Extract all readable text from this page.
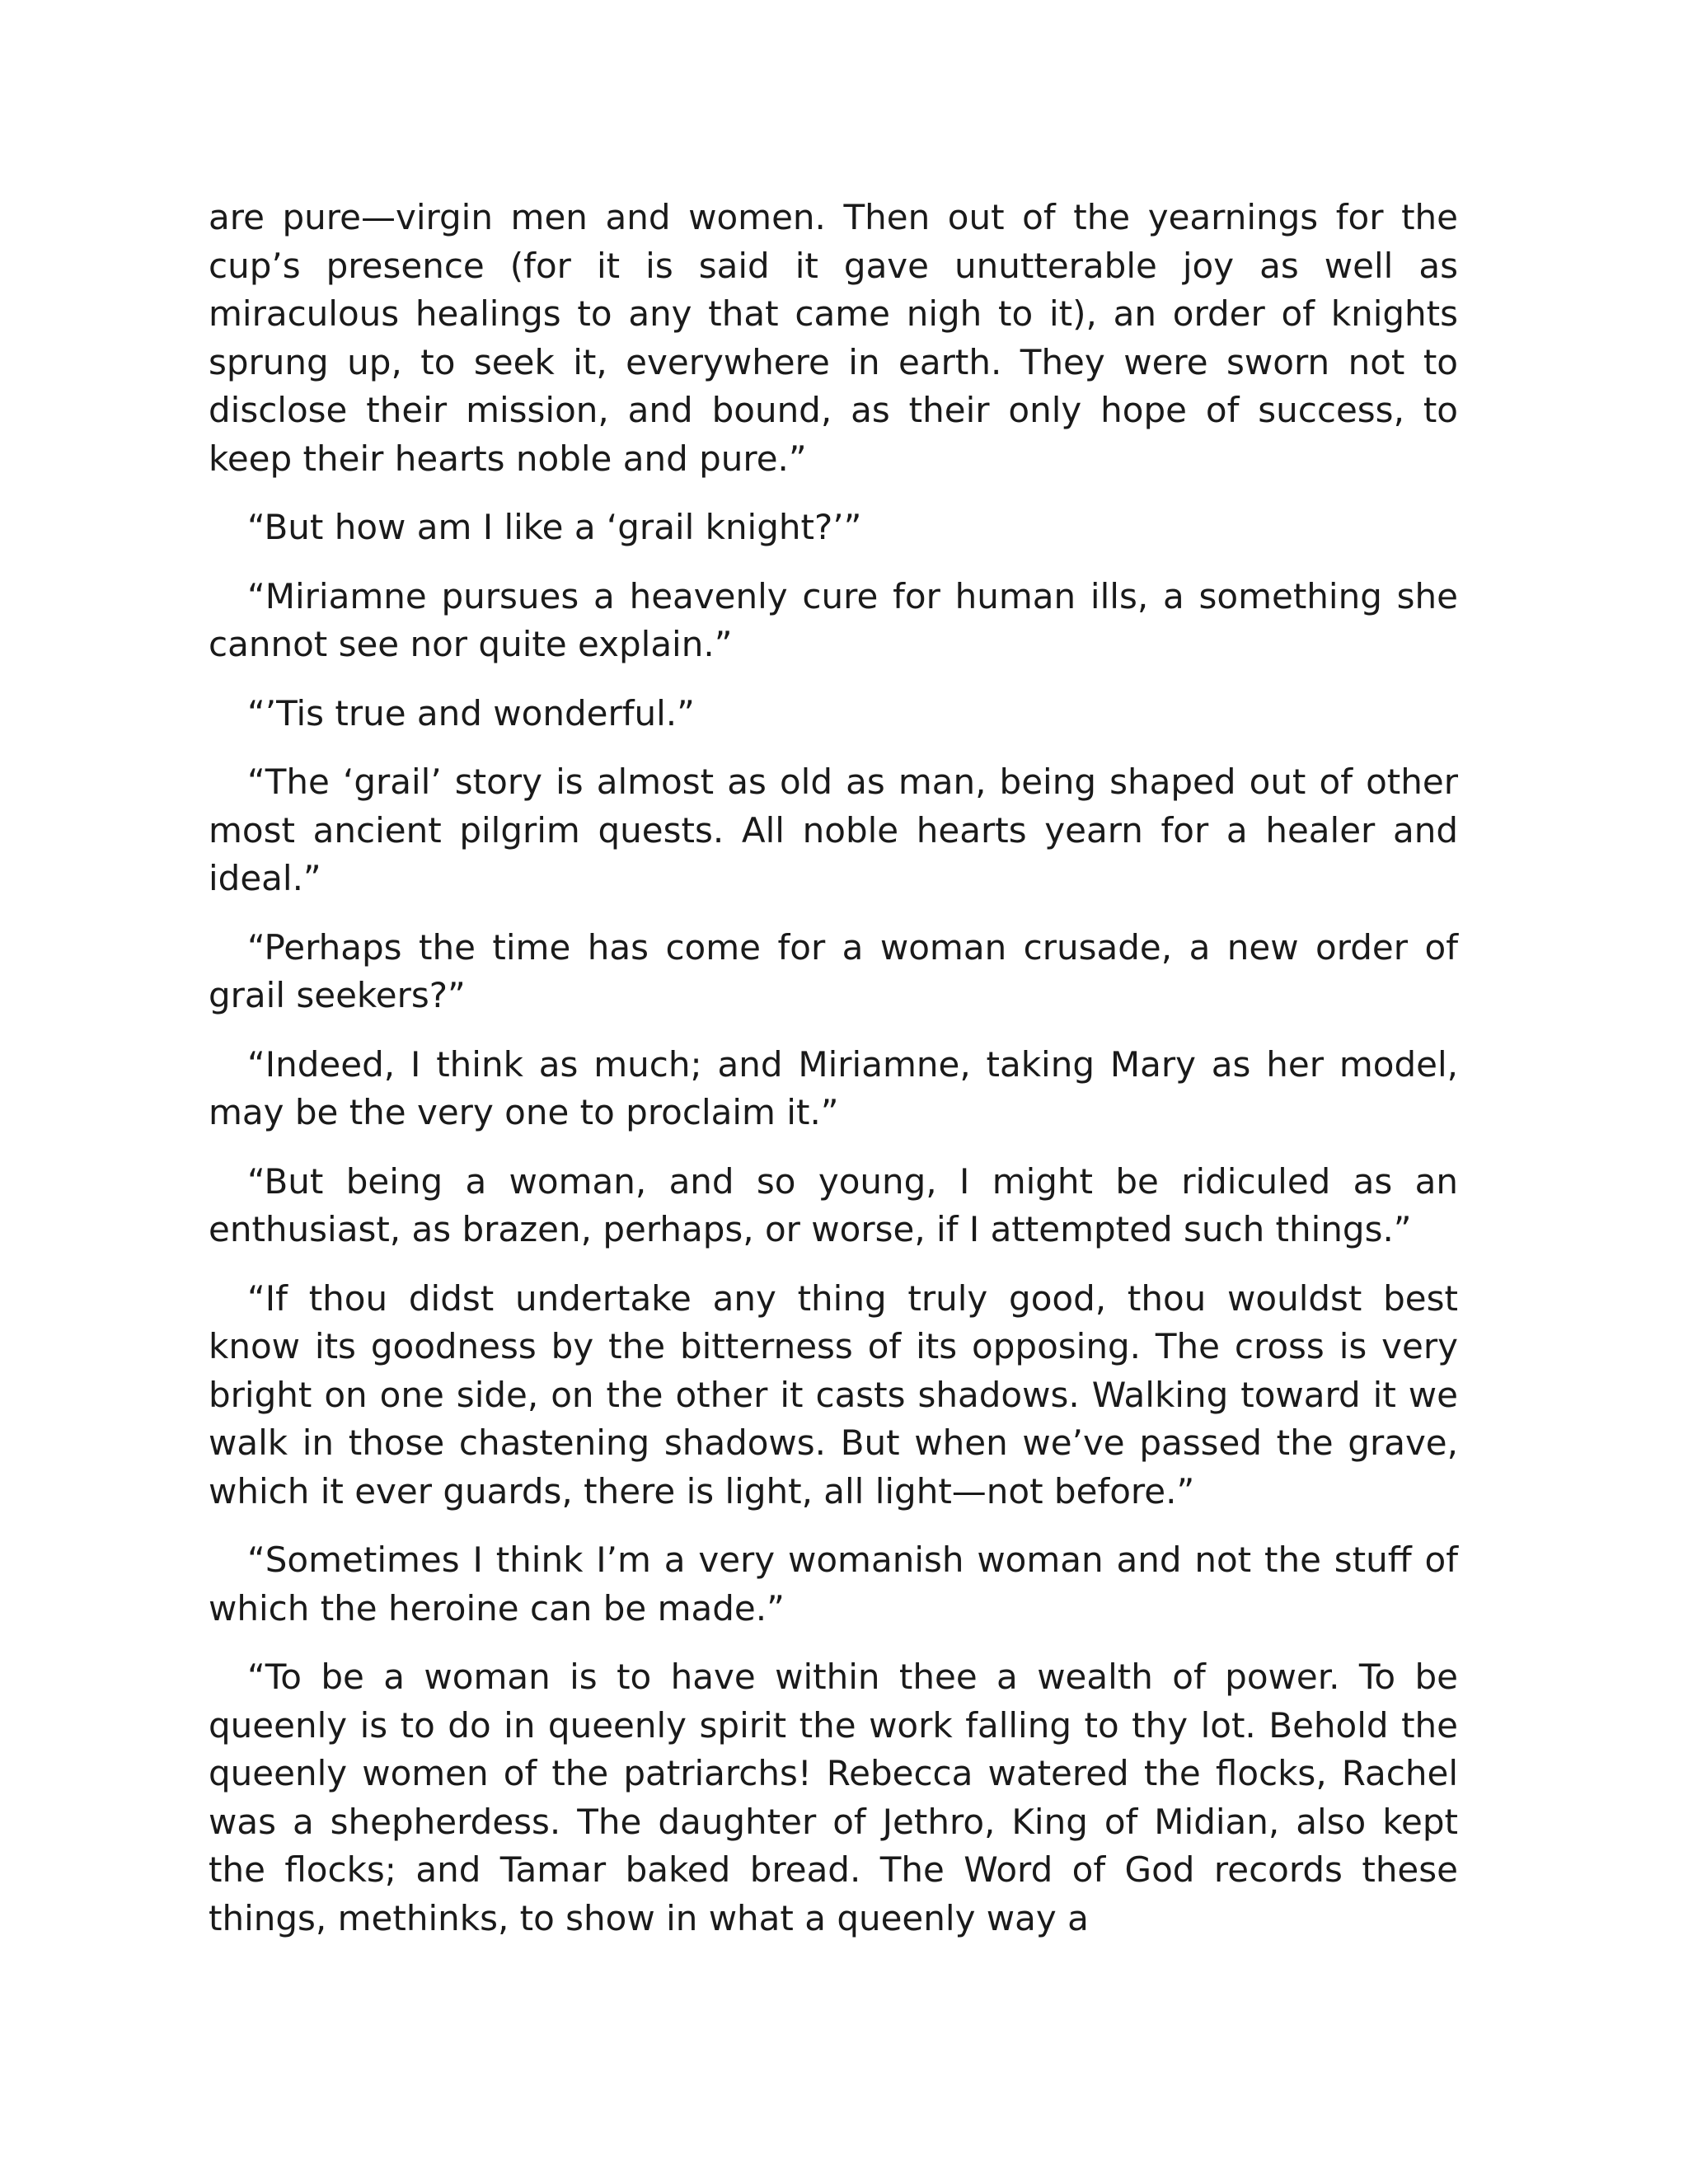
are pure—virgin men and women. Then out of the yearnings for the cup’s presence (for it is said it gave unutterable joy as well as miraculous healings to any that came nigh to it), an order of knights sprung up, to seek it, everywhere in earth. They were sworn not to disclose their mission, and bound, as their only hope of success, to keep their hearts noble and pure.”

“But how am I like a ‘grail knight?’”

“Miriamne pursues a heavenly cure for human ills, a something she cannot see nor quite explain.”

“’Tis true and wonderful.”

“The ‘grail’ story is almost as old as man, being shaped out of other most ancient pilgrim quests. All noble hearts yearn for a healer and ideal.”

“Perhaps the time has come for a woman crusade, a new order of grail seekers?”

“Indeed, I think as much; and Miriamne, taking Mary as her model, may be the very one to proclaim it.”

“But being a woman, and so young, I might be ridiculed as an enthusiast, as brazen, perhaps, or worse, if I attempted such things.”

“If thou didst undertake any thing truly good, thou wouldst best know its goodness by the bitterness of its opposing. The cross is very bright on one side, on the other it casts shadows. Walking toward it we walk in those chastening shadows. But when we’ve passed the grave, which it ever guards, there is light, all light—not before.”

“Sometimes I think I’m a very womanish woman and not the stuff of which the heroine can be made.”

“To be a woman is to have within thee a wealth of power. To be queenly is to do in queenly spirit the work falling to thy lot. Behold the queenly women of the patriarchs! Rebecca watered the flocks, Rachel was a shepherdess. The daughter of Jethro, King of Midian, also kept the flocks; and Tamar baked bread. The Word of God records these things, methinks, to show in what a queenly way a
